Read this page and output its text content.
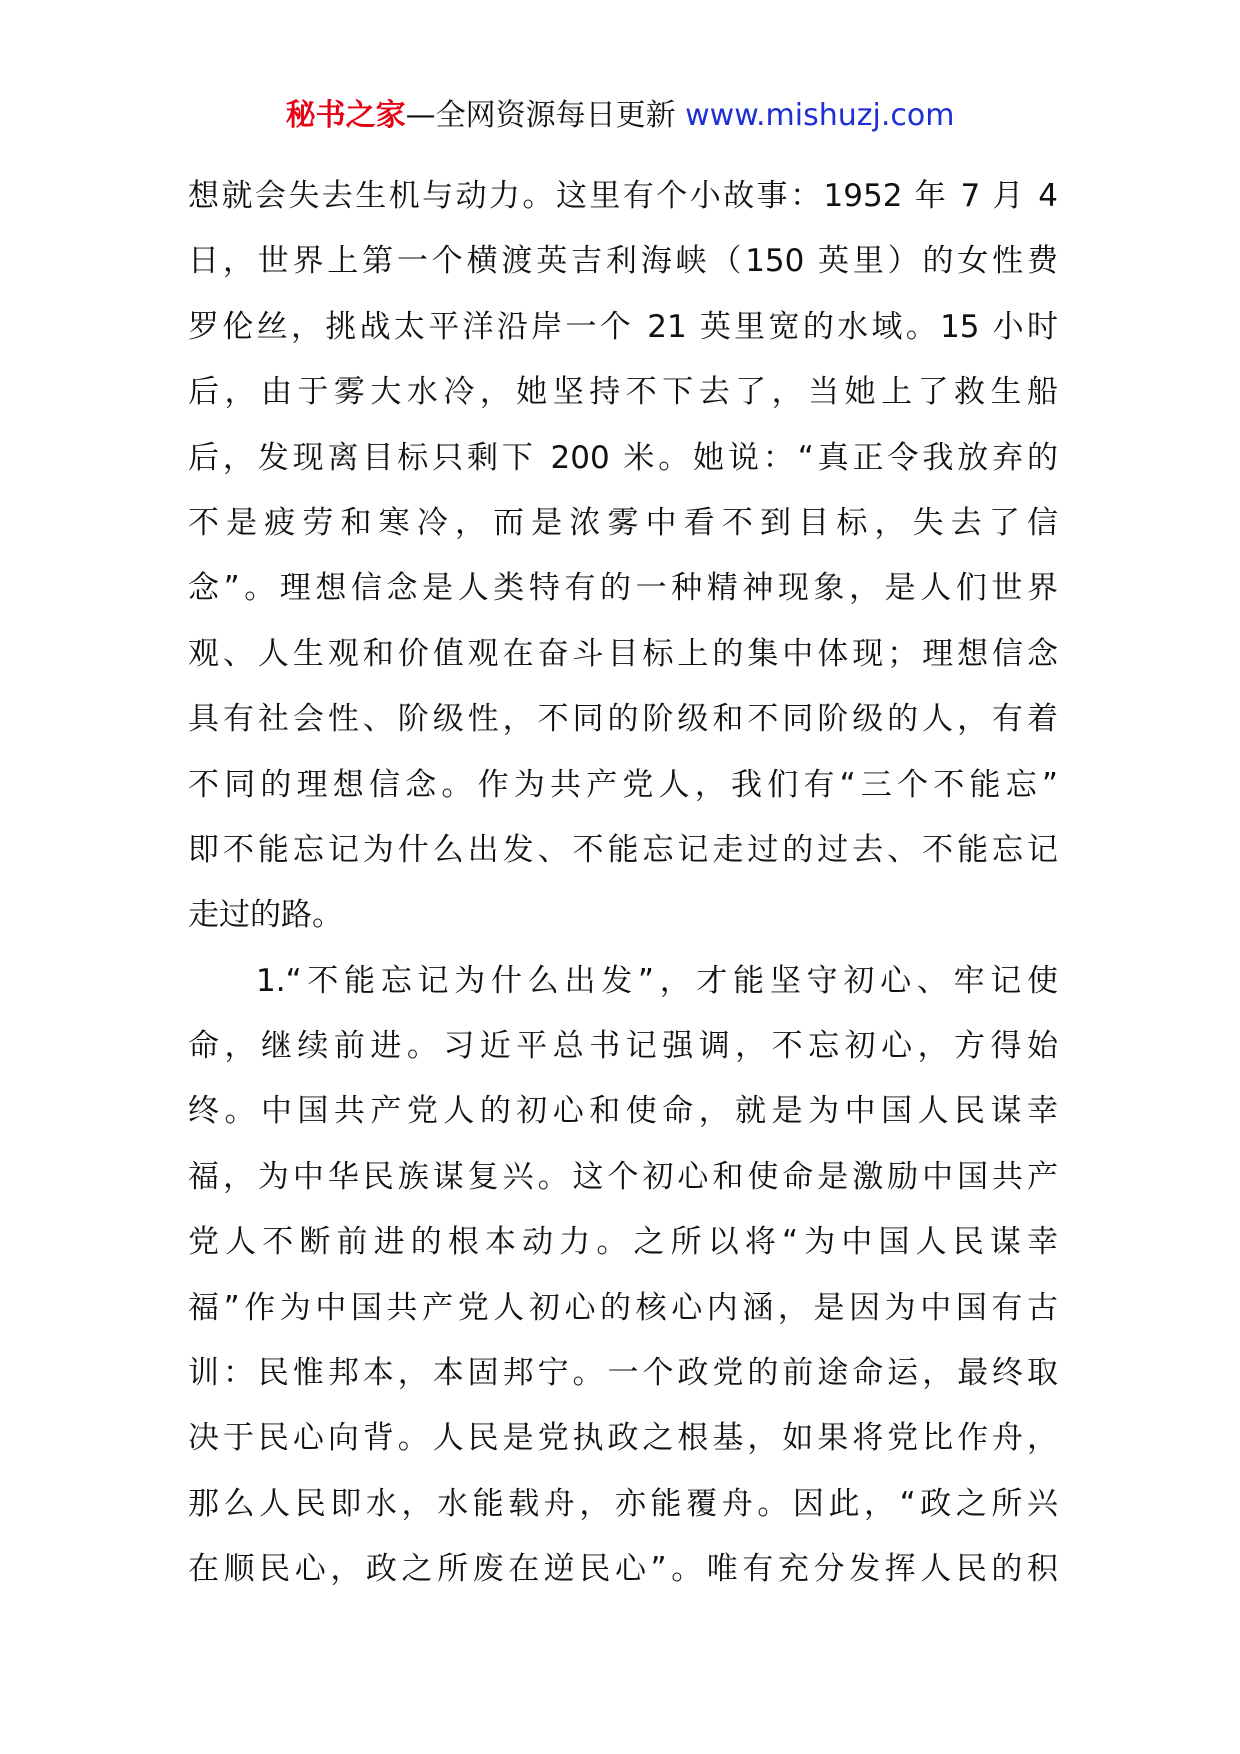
秘书之家—全网资源每日更新 www.mishuzj.com
想就会失去生机与动力。这里有个小故事：1952 年 7 月 4
日，世界上第一个横渡英吉利海峡（150 英里）的女性费
罗伦丝，挑战太平洋沿岸一个 21 英里宽的水域。15 小时
后，由于雾大水冷，她坚持不下去了，当她上了救生船
后，发现离目标只剩下 200 米。她说：“真正令我放弃的
不是疲劳和寒冷，而是浓雾中看不到目标，失去了信
念”。理想信念是人类特有的一种精神现象，是人们世界
观、人生观和价值观在奋斗目标上的集中体现；理想信念
具有社会性、阶级性，不同的阶级和不同阶级的人，有着
不同的理想信念。作为共产党人，我们有“三个不能忘”
即不能忘记为什么出发、不能忘记走过的过去、不能忘记
走过的路。
1.“不能忘记为什么出发”，才能坚守初心、牢记使
命，继续前进。习近平总书记强调，不忘初心，方得始
终。中国共产党人的初心和使命，就是为中国人民谋幸
福，为中华民族谋复兴。这个初心和使命是激励中国共产
党人不断前进的根本动力。之所以将“为中国人民谋幸
福”作为中国共产党人初心的核心内涵，是因为中国有古
训：民惟邦本，本固邦宁。一个政党的前途命运，最终取
决于民心向背。人民是党执政之根基，如果将党比作舟，
那么人民即水，水能载舟，亦能覆舟。因此，“政之所兴
在顺民心，政之所废在逆民心”。唯有充分发挥人民的积
